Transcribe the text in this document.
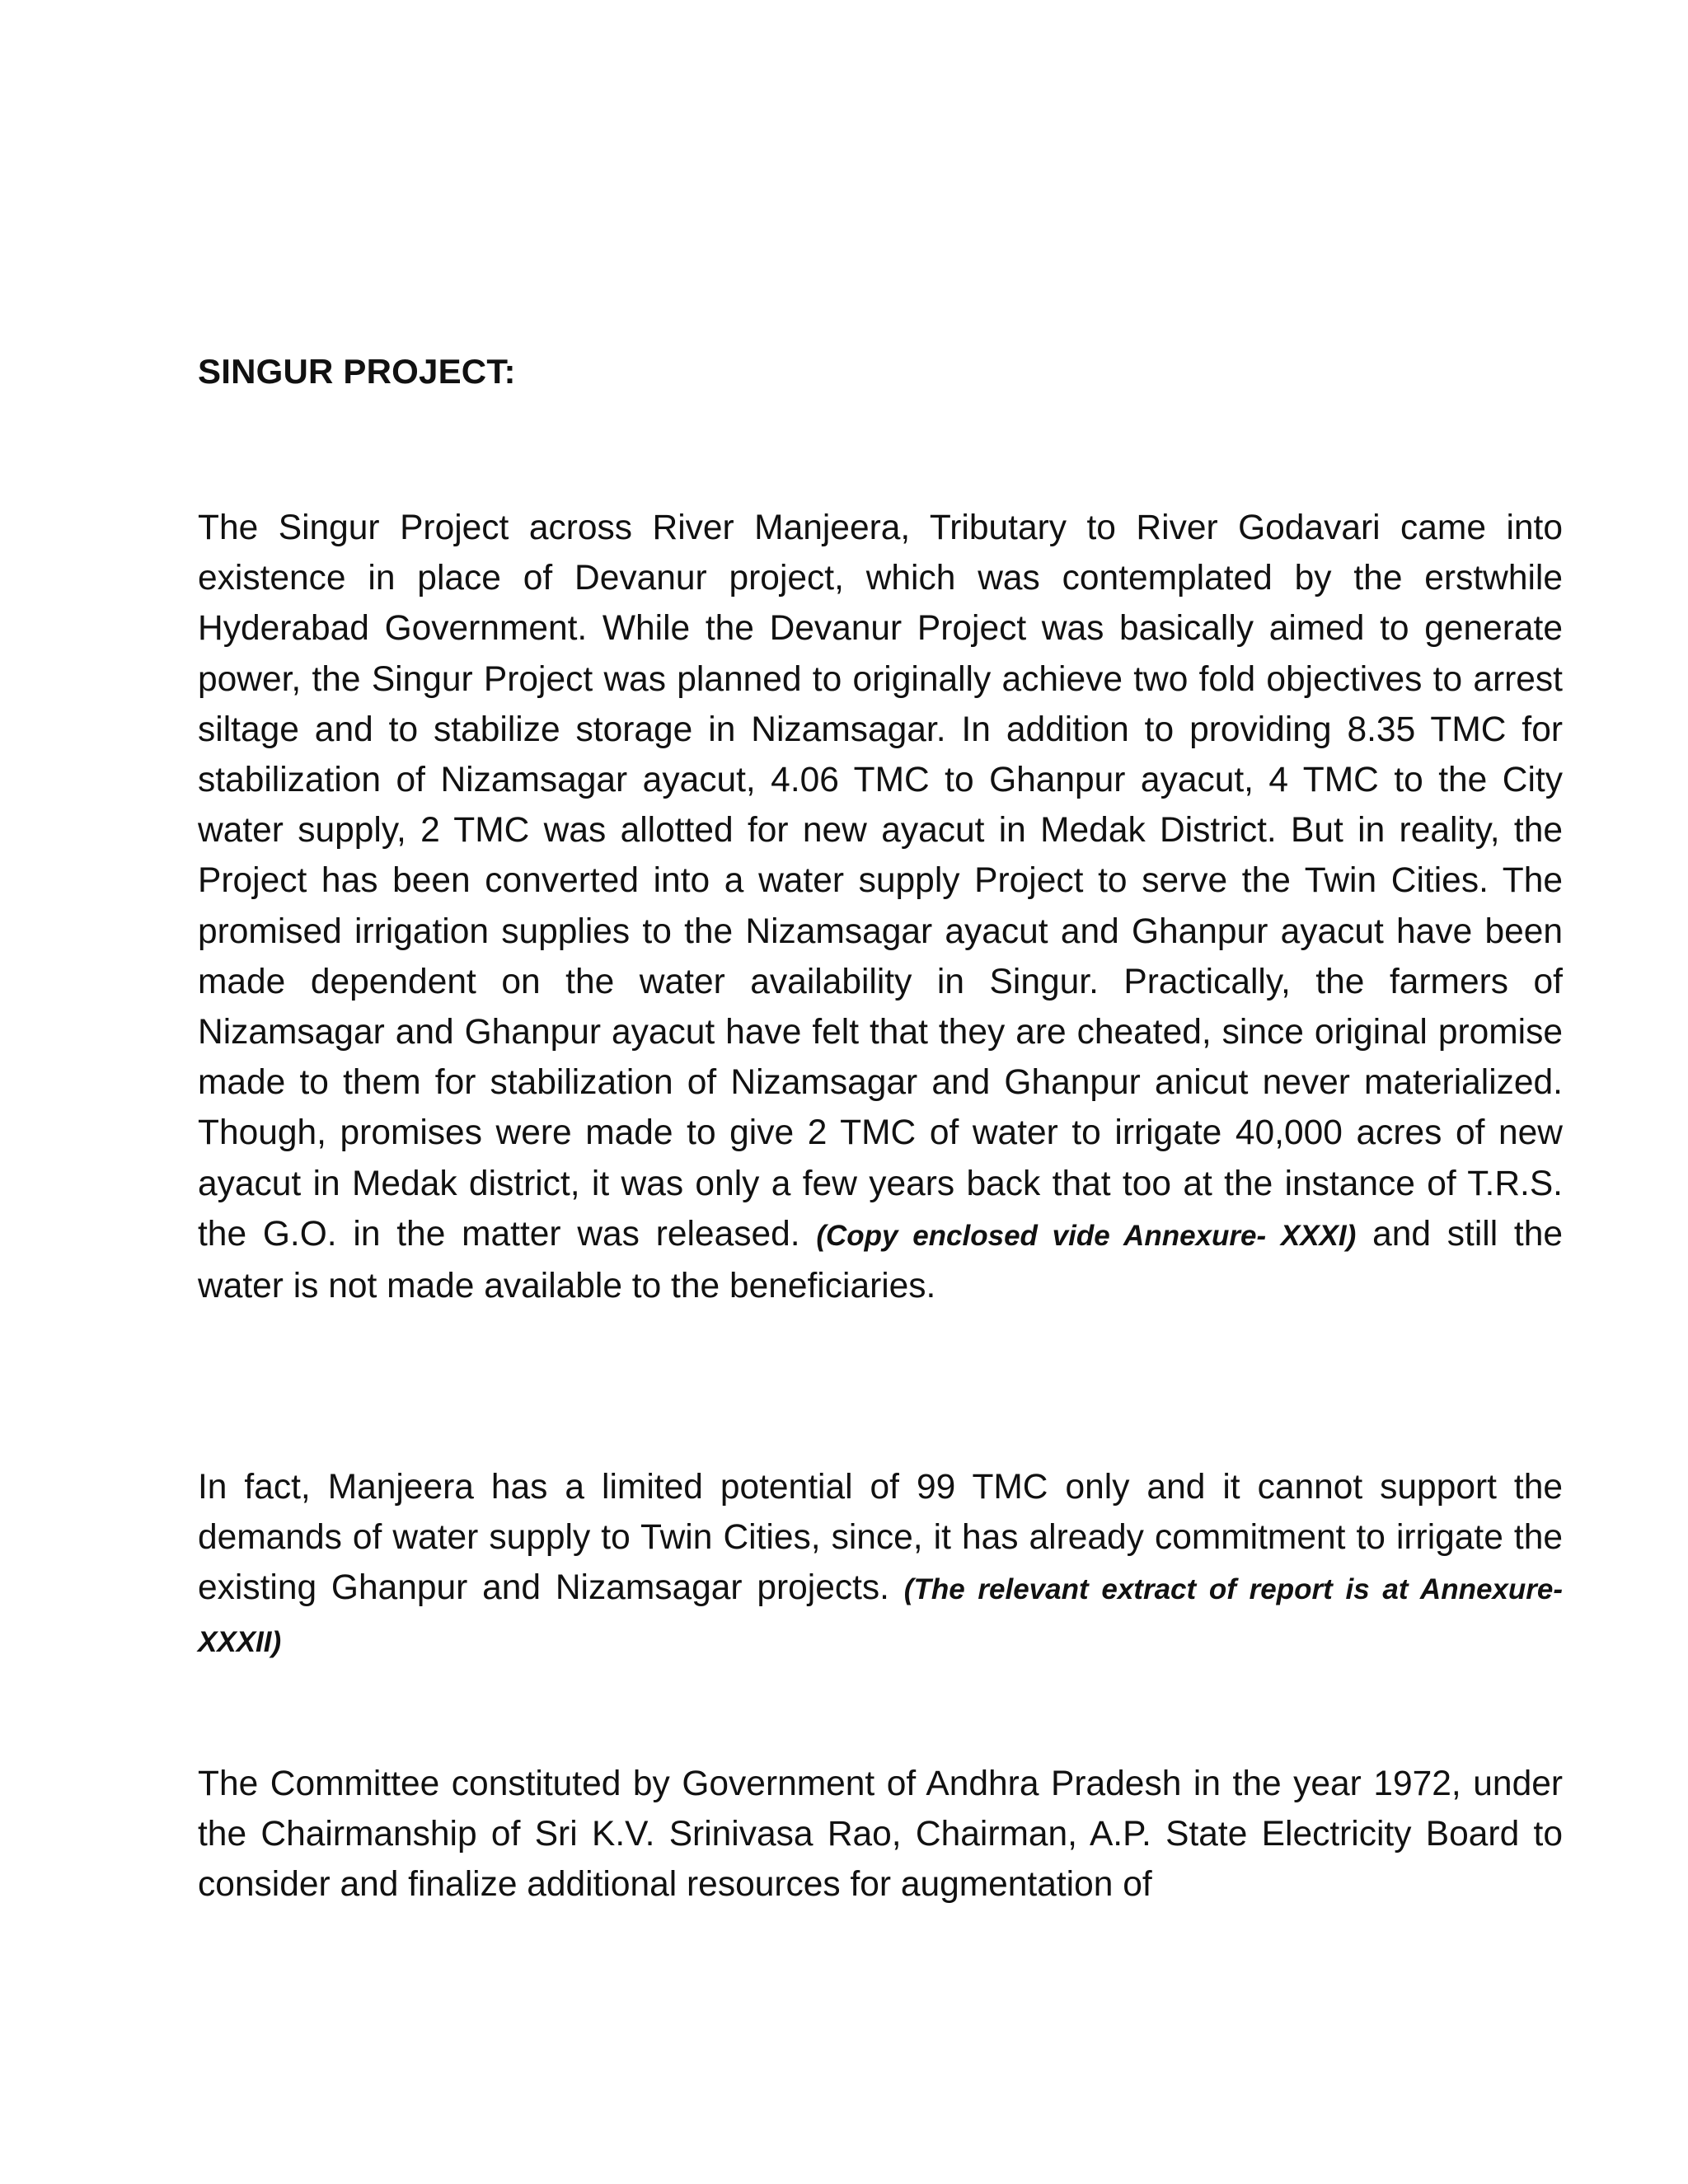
SINGUR PROJECT:

The Singur Project across River Manjeera, Tributary to River Godavari came into existence in place of Devanur project, which was contemplated by the erstwhile Hyderabad Government. While the Devanur Project was basically aimed to generate power, the Singur Project was planned to originally achieve two fold objectives to arrest siltage and to stabilize storage in Nizamsagar. In addition to providing 8.35 TMC for stabilization of Nizamsagar ayacut, 4.06 TMC to Ghanpur ayacut, 4 TMC to the City water supply, 2 TMC was allotted for new ayacut in Medak District. But in reality, the Project has been converted into a water supply Project to serve the Twin Cities. The promised irrigation supplies to the Nizamsagar ayacut and Ghanpur ayacut have been made dependent on the water availability in Singur. Practically, the farmers of Nizamsagar and Ghanpur ayacut have felt that they are cheated, since original promise made to them for stabilization of Nizamsagar and Ghanpur anicut never materialized. Though, promises were made to give 2 TMC of water to irrigate 40,000 acres of new ayacut in Medak district, it was only a few years back that too at the instance of T.R.S. the G.O. in the matter was released. (Copy enclosed vide Annexure- XXXI) and still the water is not made available to the beneficiaries.

In fact, Manjeera has a limited potential of 99 TMC only and it cannot support the demands of water supply to Twin Cities, since, it has already commitment to irrigate the existing Ghanpur and Nizamsagar projects. (The relevant extract of report is at Annexure- XXXII)

The Committee constituted by Government of Andhra Pradesh in the year 1972, under the Chairmanship of Sri K.V. Srinivasa Rao, Chairman, A.P. State Electricity Board to consider and finalize additional resources for augmentation of
